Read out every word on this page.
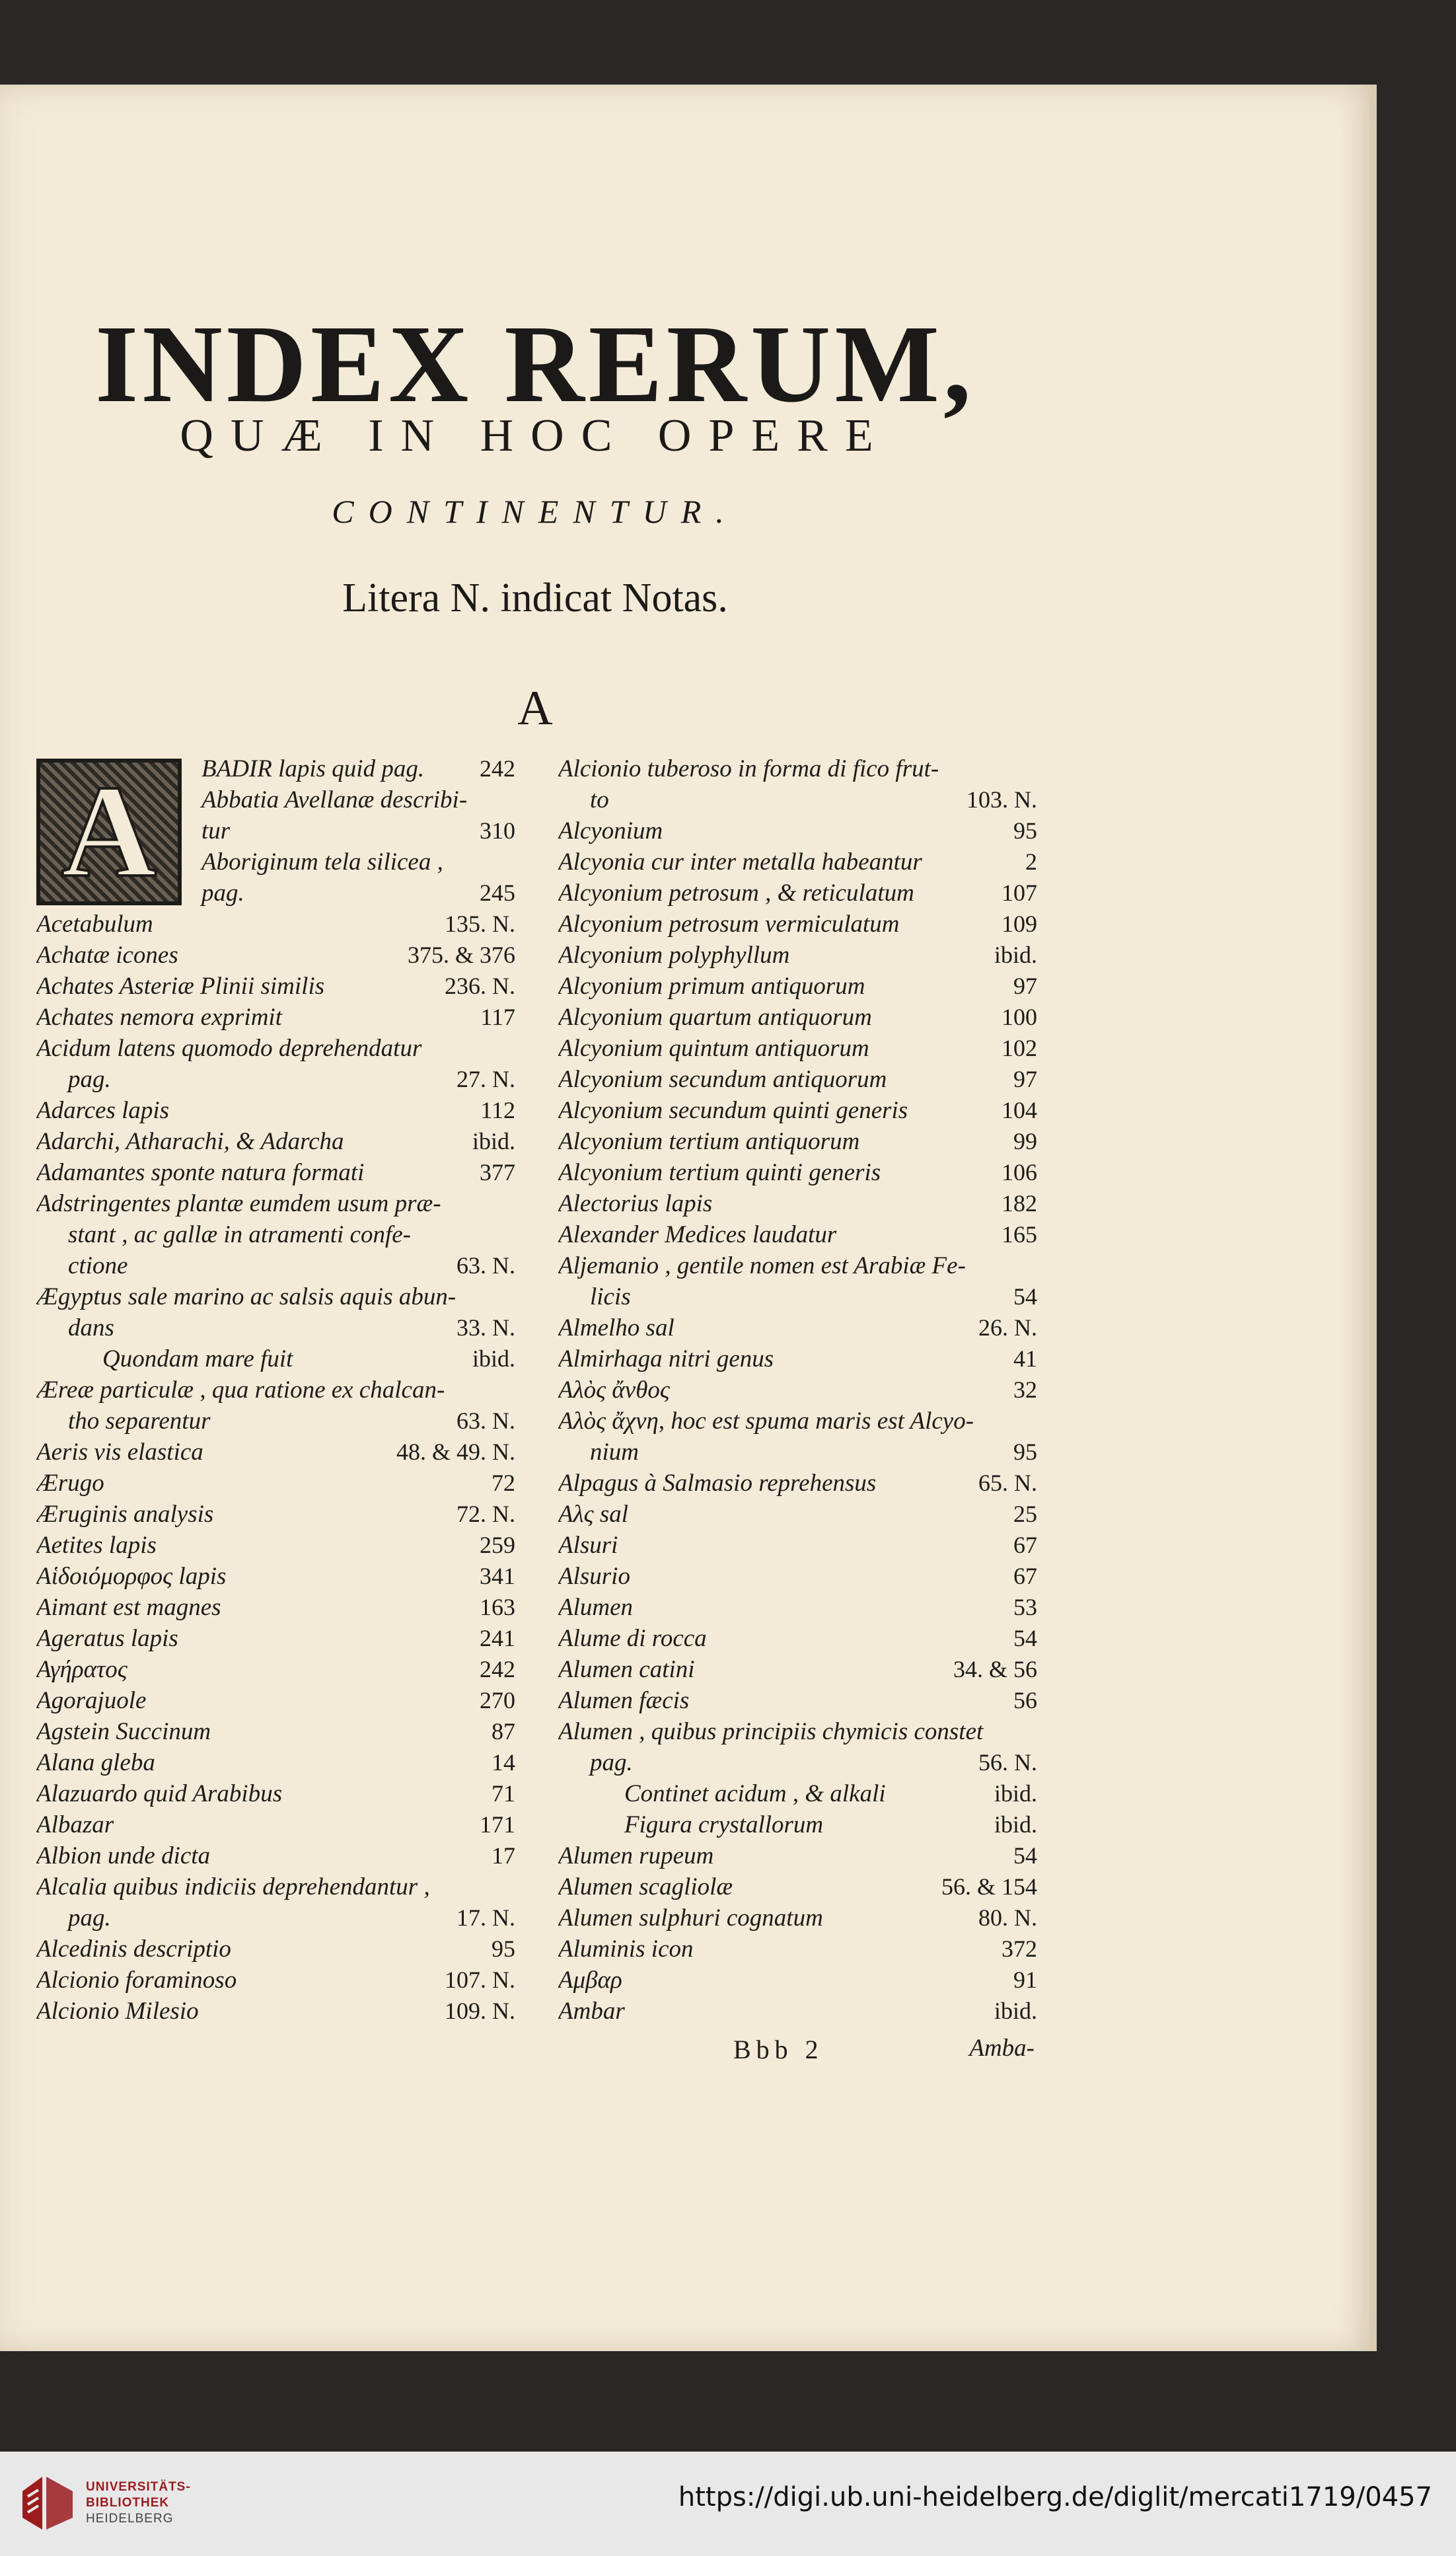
INDEX RERUM,
QUÆ IN HOC OPERE
CONTINENTUR.
Litera N. indicat Notas.
A
A BADIR lapis quid pag. 242
Abbatia Avellanæ describi-
tur	310
Aboriginum tela silicea ,
pag.	245
Acetabulum	135. N.
Achatæ icones	375. & 376
Achates Asteriæ Plinii similis	236. N.
Achates nemora exprimit	117
Acidum latens quomodo deprehendatur
pag.	27. N.
Adarces lapis	112
Adarchi, Atharachi, & Adarcha	ibid.
Adamantes sponte natura formati	377
Adstringentes plantæ eumdem usum præ-
stant , ac gallæ in atramenti confe-
ctione	63. N.
Ægyptus sale marino ac salsis aquis abun-
dans	33. N.
Quondam mare fuit	ibid.
Æreæ particulæ , qua ratione ex chalcan-
tho separentur	63. N.
Aeris vis elastica	48. & 49. N.
Ærugo	72
Æruginis analysis	72. N.
Aetites lapis	259
Αἱδοιόμορφος lapis	341
Aimant est magnes	163
Ageratus lapis	241
Αγήρατος	242
Agorajuole	270
Agstein Succinum	87
Alana gleba	14
Alazuardo quid Arabibus	71
Albazar	171
Albion unde dicta	17
Alcalia quibus indiciis deprehendantur ,
pag.	17. N.
Alcedinis descriptio	95
Alcionio foraminoso	107. N.
Alcionio Milesio	109. N.
Alcionio tuberoso in forma di fico frut-
to	103. N.
Alcyonium	95
Alcyonia cur inter metalla habeantur	2
Alcyonium petrosum , & reticulatum	107
Alcyonium petrosum vermiculatum	109
Alcyonium polyphyllum	ibid.
Alcyonium primum antiquorum	97
Alcyonium quartum antiquorum	100
Alcyonium quintum antiquorum	102
Alcyonium secundum antiquorum	97
Alcyonium secundum quinti generis	104
Alcyonium tertium antiquorum	99
Alcyonium tertium quinti generis	106
Alectorius lapis	182
Alexander Medices laudatur	165
Aljemanio , gentile nomen est Arabiæ Fe-
licis	54
Almelho sal	26. N.
Almirhaga nitri genus	41
Αλὸς ἄνθος	32
Αλὸς ἄχνη, hoc est spuma maris est Alcyo-
nium	95
Alpagus à Salmasio reprehensus	65. N.
Αλς sal	25
Alsuri	67
Alsurio	67
Alumen	53
Alume di rocca	54
Alumen catini	34. & 56
Alumen fæcis	56
Alumen , quibus principiis chymicis constet
pag.	56. N.
Continet acidum , & alkali	ibid.
Figura crystallorum	ibid.
Alumen rupeum	54
Alumen scagliolæ	56. & 154
Alumen sulphuri cognatum	80. N.
Aluminis icon	372
Αμβαρ	91
Ambar	ibid.
Bbb 2	Amba-
UNIVERSITÄTS-
BIBLIOTHEK
HEIDELBERG
https://digi.ub.uni-heidelberg.de/diglit/mercati1719/0457
